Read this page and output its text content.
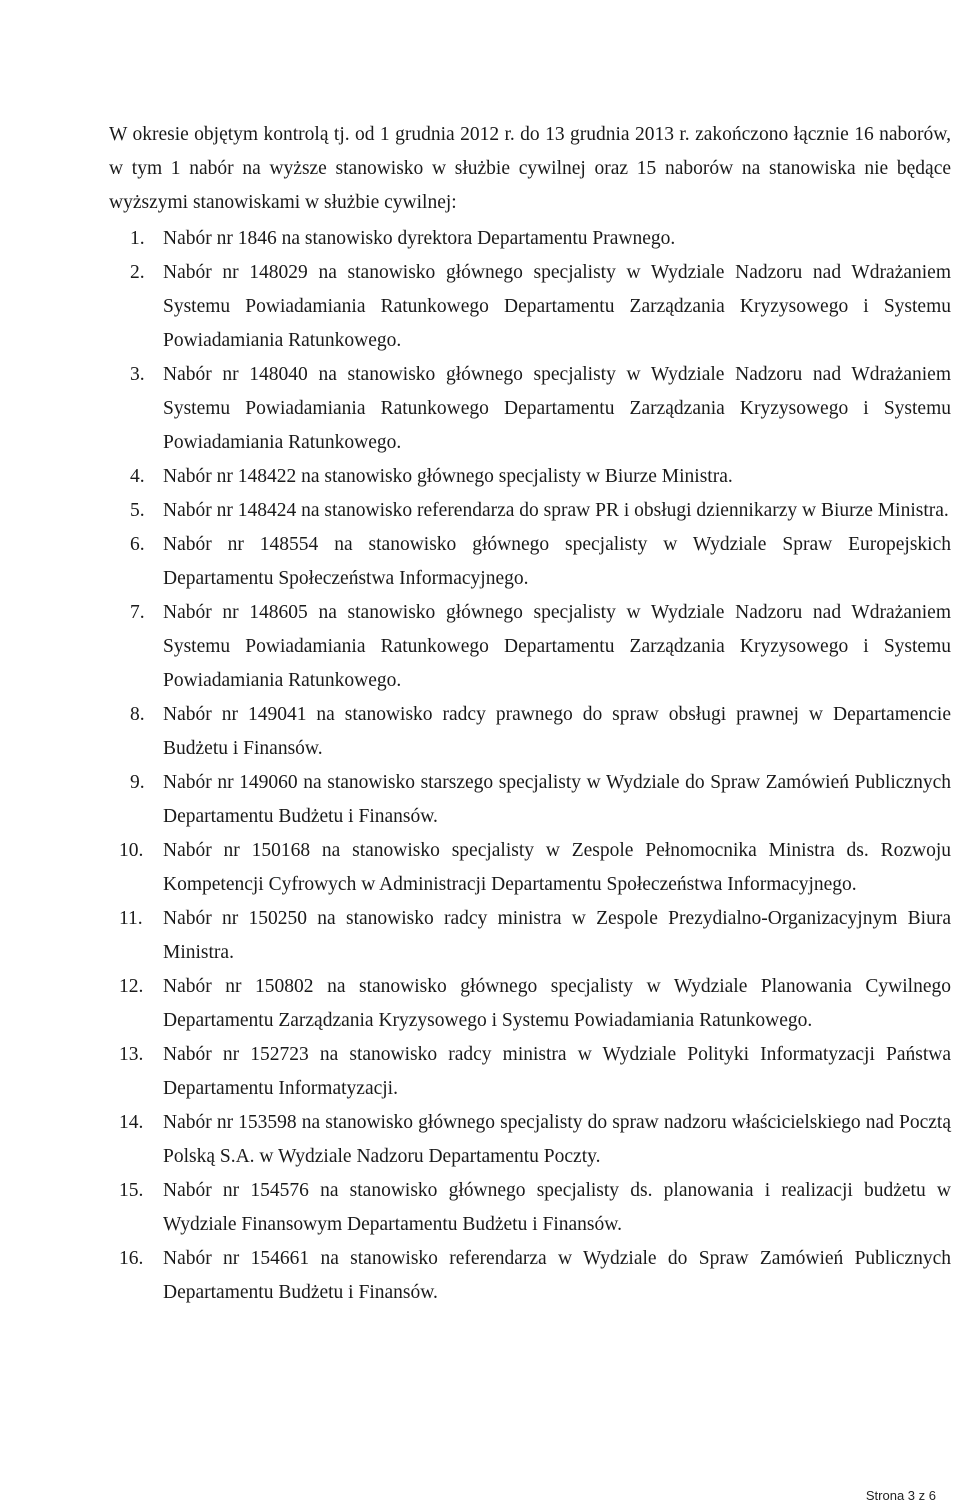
W okresie objętym kontrolą tj. od 1 grudnia 2012 r. do 13 grudnia 2013 r. zakończono łącznie 16 naborów, w tym 1 nabór na wyższe stanowisko w służbie cywilnej oraz 15 naborów na stanowiska nie będące wyższymi stanowiskami w służbie cywilnej:

1. Nabór nr 1846 na stanowisko dyrektora Departamentu Prawnego.
2. Nabór nr 148029 na stanowisko głównego specjalisty w Wydziale Nadzoru nad Wdrażaniem Systemu Powiadamiania Ratunkowego Departamentu Zarządzania Kryzysowego i Systemu Powiadamiania Ratunkowego.
3. Nabór nr 148040 na stanowisko głównego specjalisty w Wydziale Nadzoru nad Wdrażaniem Systemu Powiadamiania Ratunkowego Departamentu Zarządzania Kryzysowego i Systemu Powiadamiania Ratunkowego.
4. Nabór nr 148422 na stanowisko głównego specjalisty w Biurze Ministra.
5. Nabór nr 148424 na stanowisko referendarza do spraw PR i obsługi dziennikarzy w Biurze Ministra.
6. Nabór nr 148554 na stanowisko głównego specjalisty w Wydziale Spraw Europejskich Departamentu Społeczeństwa Informacyjnego.
7. Nabór nr 148605 na stanowisko głównego specjalisty w Wydziale Nadzoru nad Wdrażaniem Systemu Powiadamiania Ratunkowego Departamentu Zarządzania Kryzysowego i Systemu Powiadamiania Ratunkowego.
8. Nabór nr 149041 na stanowisko radcy prawnego do spraw obsługi prawnej w Departamencie Budżetu i Finansów.
9. Nabór nr 149060 na stanowisko starszego specjalisty w Wydziale do Spraw Zamówień Publicznych Departamentu Budżetu i Finansów.
10. Nabór nr 150168 na stanowisko specjalisty w Zespole Pełnomocnika Ministra ds. Rozwoju Kompetencji Cyfrowych w Administracji Departamentu Społeczeństwa Informacyjnego.
11.	Nabór nr 150250 na stanowisko radcy ministra w Zespole Prezydialno-Organizacyjnym Biura Ministra.
12. Nabór nr 150802 na stanowisko głównego specjalisty w Wydziale Planowania Cywilnego Departamentu Zarządzania Kryzysowego i Systemu Powiadamiania Ratunkowego.
13. Nabór nr 152723 na stanowisko radcy ministra w Wydziale Polityki Informatyzacji Państwa Departamentu Informatyzacji.
14. Nabór nr 153598 na stanowisko głównego specjalisty do spraw nadzoru właścicielskiego nad Pocztą Polską S.A. w Wydziale Nadzoru Departamentu Poczty.
15. Nabór nr 154576 na stanowisko głównego specjalisty ds. planowania i realizacji budżetu w Wydziale Finansowym Departamentu Budżetu i Finansów.
16. Nabór nr 154661 na stanowisko referendarza w Wydziale do Spraw Zamówień Publicznych Departamentu Budżetu i Finansów.
Strona 3 z 6
